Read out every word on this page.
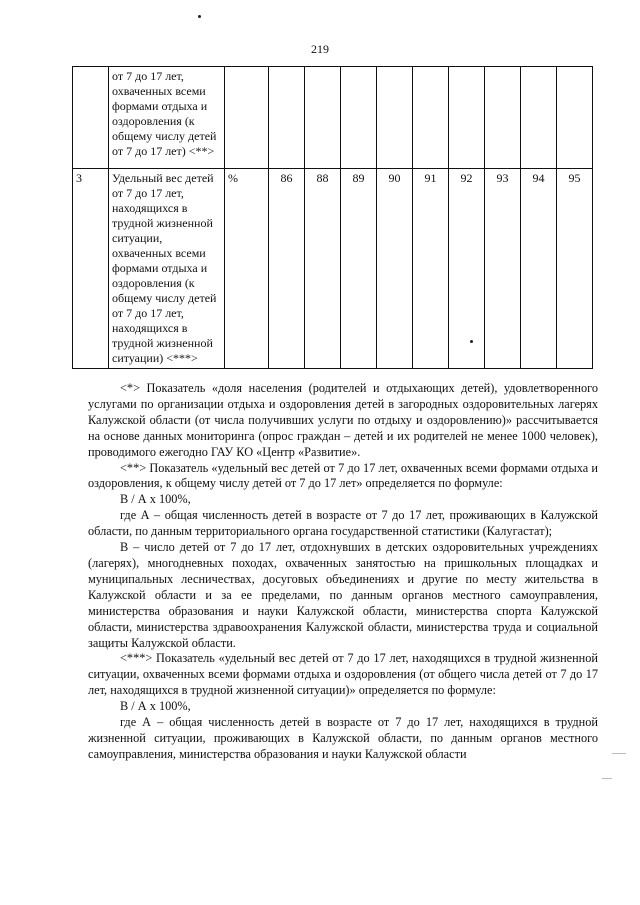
219
	от 7 до 17 лет, охваченных всеми формами отдыха и оздоровления (к общему числу детей от 7 до 17 лет) <**>										
3	Удельный вес детей от 7 до 17 лет, находящихся в трудной жизненной ситуации, охваченных всеми формами отдыха и оздоровления (к общему числу детей от 7 до 17 лет, находящихся в трудной жизненной ситуации) <***>	%	86	88	89	90	91	92	93	94	95

<*> Показатель «доля населения (родителей и отдыхающих детей), удовлетворенного услугами по организации отдыха и оздоровления детей в загородных оздоровительных лагерях Калужской области (от числа получивших услуги по отдыху и оздоровлению)» рассчитывается на основе данных мониторинга (опрос граждан – детей и их родителей не менее 1000 человек), проводимого ежегодно ГАУ КО «Центр «Развитие».

<**> Показатель «удельный вес детей от 7 до 17 лет, охваченных всеми формами отдыха и оздоровления, к общему числу детей от 7 до 17 лет» определяется по формуле:

В / А х 100%,

где А – общая численность детей в возрасте от 7 до 17 лет, проживающих в Калужской области, по данным территориального органа государственной статистики (Калугастат);

В – число детей от 7 до 17 лет, отдохнувших в детских оздоровительных учреждениях (лагерях), многодневных походах, охваченных занятостью на пришкольных площадках и муниципальных лесничествах, досуговых объединениях и другие по месту жительства в Калужской области и за ее пределами, по данным органов местного самоуправления, министерства образования и науки Калужской области, министерства спорта Калужской области, министерства здравоохранения Калужской области, министерства труда и социальной защиты Калужской области.

<***> Показатель «удельный вес детей от 7 до 17 лет, находящихся в трудной жизненной ситуации, охваченных всеми формами отдыха и оздоровления (от общего числа детей от 7 до 17 лет, находящихся в трудной жизненной ситуации)» определяется по формуле:

В / А х 100%,

где А – общая численность детей в возрасте от 7 до 17 лет, находящихся в трудной жизненной ситуации, проживающих в Калужской области, по данным органов местного самоуправления, министерства образования и науки Калужской области
